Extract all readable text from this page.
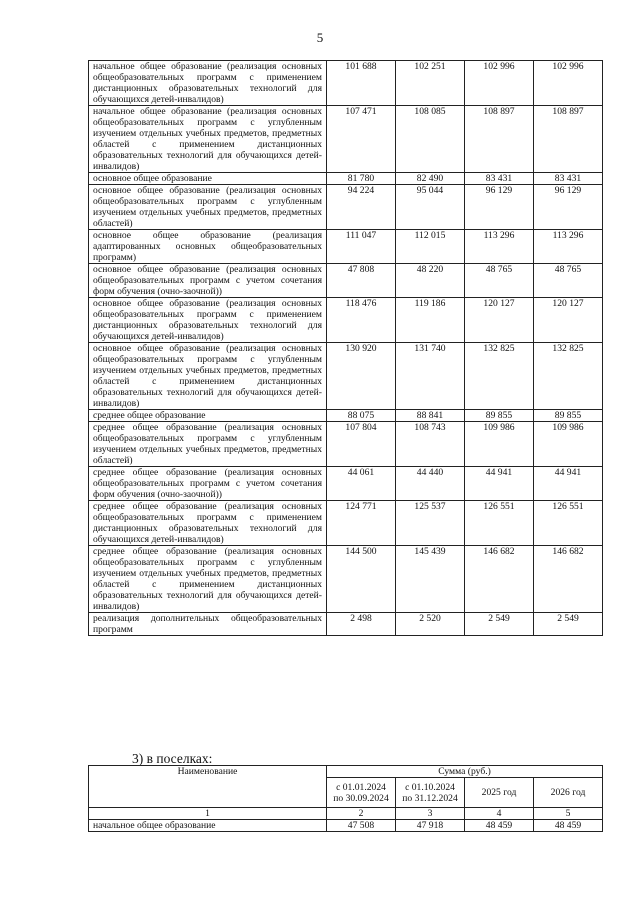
5
начальное общее образование (реализация основных общеобразовательных программ с применением дистанционных образовательных технологий для обучающихся детей-инвалидов)	101 688	102 251	102 996	102 996
начальное общее образование (реализация основных общеобразовательных программ с углубленным изучением отдельных учебных предметов, предметных областей с применением дистанционных образовательных технологий для обучающихся детей-инвалидов)	107 471	108 085	108 897	108 897
основное общее образование	81 780	82 490	83 431	83 431
основное общее образование (реализация основных общеобразовательных программ с углубленным изучением отдельных учебных предметов, предметных областей)	94 224	95 044	96 129	96 129
основное общее образование (реализация адаптированных основных общеобразовательных программ)	111 047	112 015	113 296	113 296
основное общее образование (реализация основных общеобразовательных программ с учетом сочетания форм обучения (очно-заочной))	47 808	48 220	48 765	48 765
основное общее образование (реализация основных общеобразовательных программ с применением дистанционных образовательных технологий для обучающихся детей-инвалидов)	118 476	119 186	120 127	120 127
основное общее образование (реализация основных общеобразовательных программ с углубленным изучением отдельных учебных предметов, предметных областей с применением дистанционных образовательных технологий для обучающихся детей-инвалидов)	130 920	131 740	132 825	132 825
среднее общее образование	88 075	88 841	89 855	89 855
среднее общее образование (реализация основных общеобразовательных программ с углубленным изучением отдельных учебных предметов, предметных областей)	107 804	108 743	109 986	109 986
среднее общее образование (реализация основных общеобразовательных программ с учетом сочетания форм обучения (очно-заочной))	44 061	44 440	44 941	44 941
среднее общее образование (реализация основных общеобразовательных программ с применением дистанционных образовательных технологий для обучающихся детей-инвалидов)	124 771	125 537	126 551	126 551
среднее общее образование (реализация основных общеобразовательных программ с углубленным изучением отдельных учебных предметов, предметных областей с применением дистанционных образовательных технологий для обучающихся детей-инвалидов)	144 500	145 439	146 682	146 682
реализация дополнительных общеобразовательных программ	2 498	2 520	2 549	2 549
3) в поселках:
Наименование	Сумма (руб.)			
	с 01.01.2024 по 30.09.2024	с 01.10.2024 по 31.12.2024	2025 год	2026 год
1	2	3	4	5
начальное общее образование	47 508	47 918	48 459	48 459
